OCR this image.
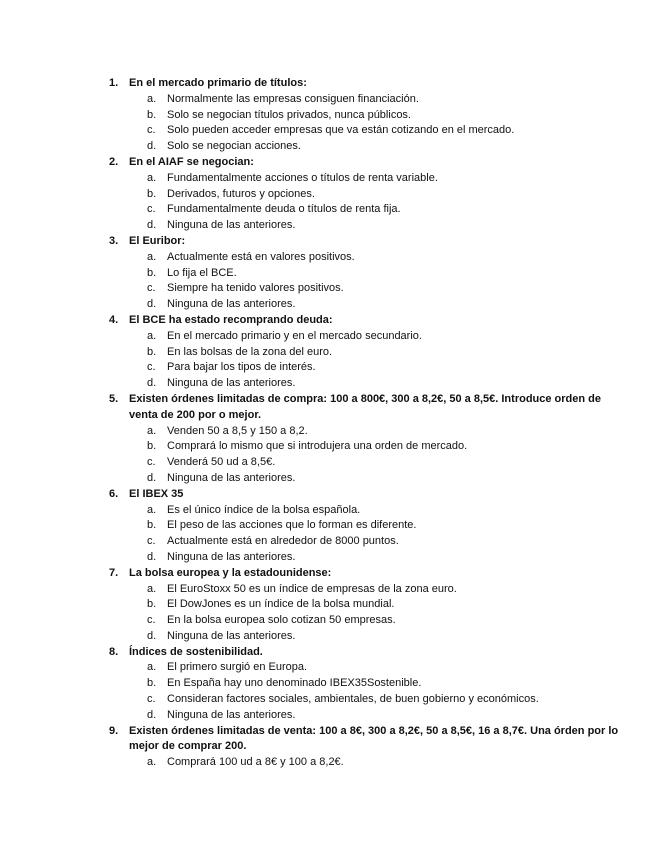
1. En el mercado primario de títulos:
a. Normalmente las empresas consiguen financiación.
b. Solo se negocian títulos privados, nunca públicos.
c.	Solo pueden acceder empresas que va están cotizando en el mercado.
d. Solo se negocian acciones.
2. En el AIAF se negocian:
a. Fundamentalmente acciones o títulos de renta variable.
b. Derivados, futuros y opciones.
c.	Fundamentalmente deuda o títulos de renta fija.
d. Ninguna de las anteriores.
3. El Euribor:
a. Actualmente está en valores positivos.
b. Lo fija el BCE.
c.	Siempre ha tenido valores positivos.
d. Ninguna de las anteriores.
4. El BCE ha estado recomprando deuda:
a. En el mercado primario y en el mercado secundario.
b. En las bolsas de la zona del euro.
c.	Para bajar los tipos de interés.
d. Ninguna de las anteriores.
5. Existen órdenes limitadas de compra: 100 a 800€, 300 a 8,2€, 50 a 8,5€. Introduce orden de venta de 200 por o mejor.
a. Venden 50 a 8,5 y 150 a 8,2.
b. Comprará lo mismo que si introdujera una orden de mercado.
c.	Venderá 50 ud a 8,5€.
d. Ninguna de las anteriores.
6. El IBEX 35
a. Es el único índice de la bolsa española.
b. El peso de las acciones que lo forman es diferente.
c.	Actualmente está en alrededor de 8000 puntos.
d. Ninguna de las anteriores.
7. La bolsa europea y la estadounidense:
a. El EuroStoxx 50 es un índice de empresas de la zona euro.
b. El DowJones es un índice de la bolsa mundial.
c.	En la bolsa europea solo cotizan 50 empresas.
d. Ninguna de las anteriores.
8. Índices de sostenibilidad.
a. El primero surgió en Europa.
b. En España hay uno denominado IBEX35Sostenible.
c.	Consideran factores sociales, ambientales, de buen gobierno y económicos.
d. Ninguna de las anteriores.
9. Existen órdenes limitadas de venta: 100 a 8€, 300 a 8,2€, 50 a 8,5€, 16 a 8,7€. Una órden por lo mejor de comprar 200.
a. Comprará 100 ud a 8€ y 100 a 8,2€.
